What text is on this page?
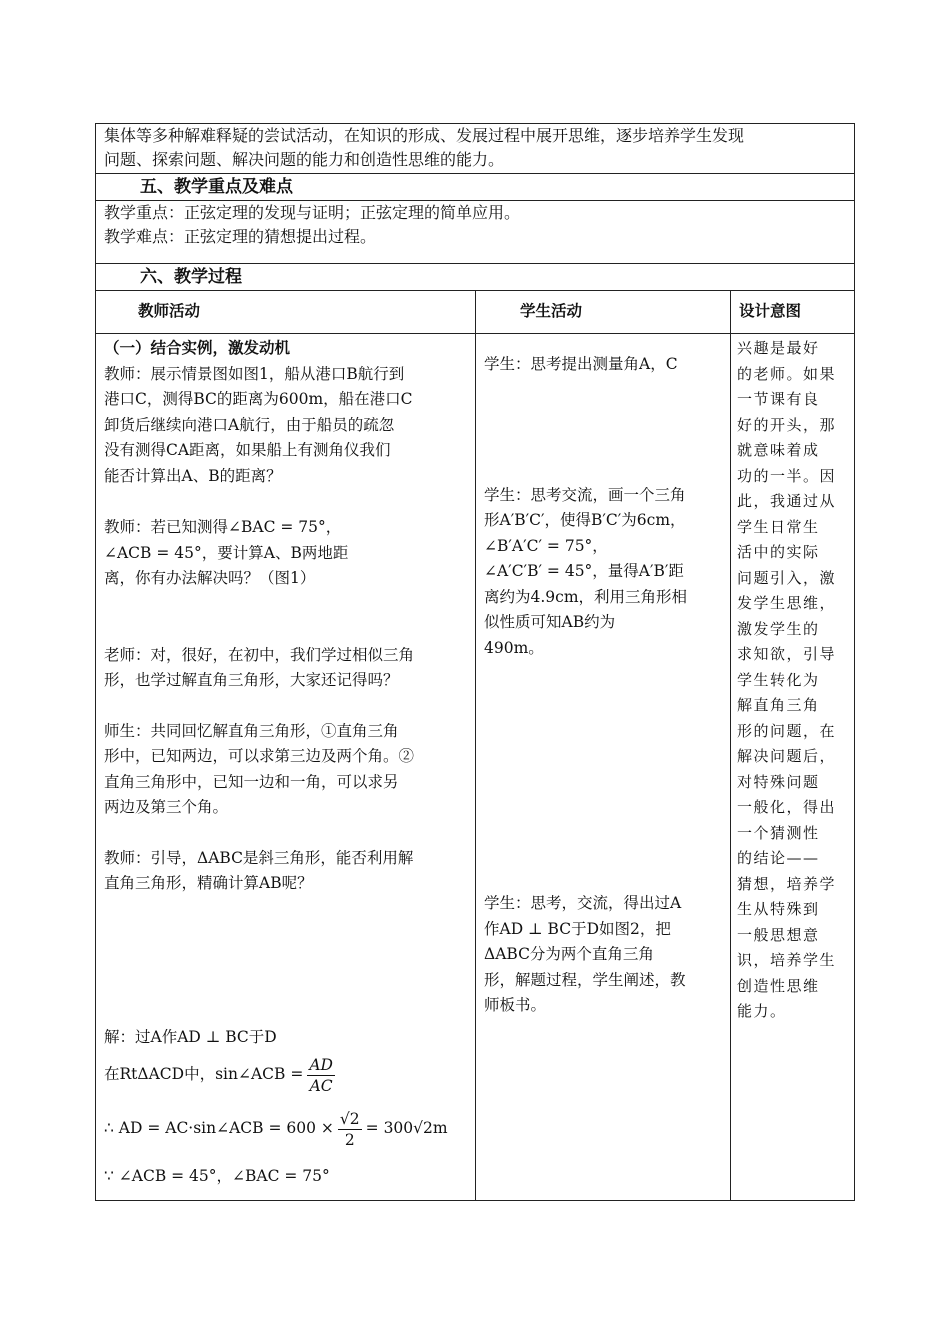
集体等多种解难释疑的尝试活动，在知识的形成、发展过程中展开思维，逐步培养学生发现
问题、探索问题、解决问题的能力和创造性思维的能力。
五、教学重点及难点
教学重点：正弦定理的发现与证明；正弦定理的简单应用。
教学难点：正弦定理的猜想提出过程。
六、教学过程
教师活动	学生活动	设计意图
（一）结合实例，激发动机
教师：展示情景图如图1，船从港口B航行到
港口C，测得BC的距离为600m，船在港口C
卸货后继续向港口A航行，由于船员的疏忽
没有测得CA距离，如果船上有测角仪我们
能否计算出A、B的距离？
教师：若已知测得∠BAC = 75°，
∠ACB = 45°，要计算A、B两地距
离，你有办法解决吗？（图1）
老师：对，很好，在初中，我们学过相似三角
形，也学过解直角三角形，大家还记得吗？
师生：共同回忆解直角三角形，①直角三角
形中，已知两边，可以求第三边及两个角。②
直角三角形中，已知一边和一角，可以求另
两边及第三个角。
教师：引导，ΔABC是斜三角形，能否利用解
直角三角形，精确计算AB呢？
解：过A作AD ⊥ BC于D
在RtΔACD中，sin∠ACB = $\frac{AD}{AC}$
∴ AD = AC·sin∠ACB = $600 \times \frac{√2}{2} = 300√2m$
∵ ∠ACB = 45°，∠BAC = 75°
学生：思考提出测量角A，C
学生：思考交流，画一个三角
形A′B′C′，使得B′C′为6cm，
∠B′A′C′ = 75°，
∠A′C′B′ = 45°，量得A′B′距
离约为4.9cm，利用三角形相
似性质可知AB约为
490m。
学生：思考，交流，得出过A
作AD ⊥ BC于D如图2，把
ΔABC分为两个直角三角
形，解题过程，学生阐述，教
师板书。
兴趣是最好
的老师。如果
一节课有良
好的开头，那
就意味着成
功的一半。因
此，我通过从
学生日常生
活中的实际
问题引入，激
发学生思维，
激发学生的
求知欲，引导
学生转化为
解直角三角
形的问题，在
解决问题后，
对特殊问题
一般化，得出
一个猜测性
的结论——
猜想，培养学
生从特殊到
一般思想意
识，培养学生
创造性思维
能力。
